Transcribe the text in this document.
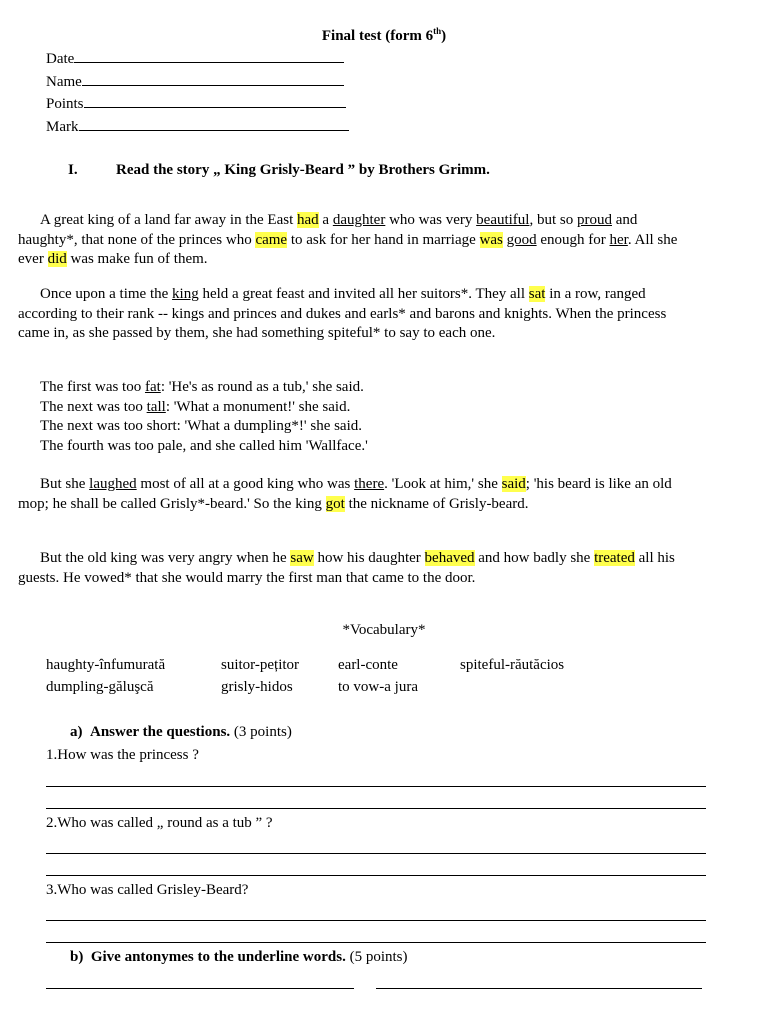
Final test (form 6th)
Date
Name
Points
Mark
I.	Read the story „ King Grisly-Beard ” by Brothers Grimm.
A great king of a land far away in the East had a daughter who was very beautiful, but so proud and haughty*, that none of the princes who came to ask for her hand in marriage was good enough for her. All she ever did was make fun of them.
Once upon a time the king held a great feast and invited all her suitors*. They all sat in a row, ranged according to their rank -- kings and princes and dukes and earls* and barons and knights. When the princess came in, as she passed by them, she had something spiteful* to say to each one.
The first was too fat: 'He's as round as a tub,' she said.
The next was too tall: 'What a monument!' she said.
The next was too short: 'What a dumpling*!' she said.
The fourth was too pale, and she called him 'Wallface.'
But she laughed most of all at a good king who was there. 'Look at him,' she said; 'his beard is like an old mop; he shall be called Grisly*-beard.' So the king got the nickname of Grisly-beard.
But the old king was very angry when he saw how his daughter behaved and how badly she treated all his guests. He vowed* that she would marry the first man that came to the door.
*Vocabulary*
haughty-înfumurată	suitor-pețitor	earl-conte	spiteful-răutăcios
dumpling-găluşcă	grisly-hidos	to vow-a jura
a) Answer the questions. (3 points)
1.How was the princess ?
2.Who was called „ round as a tub ” ?
3.Who was called Grisley-Beard?
b) Give antonymes to the underline words. (5 points)
